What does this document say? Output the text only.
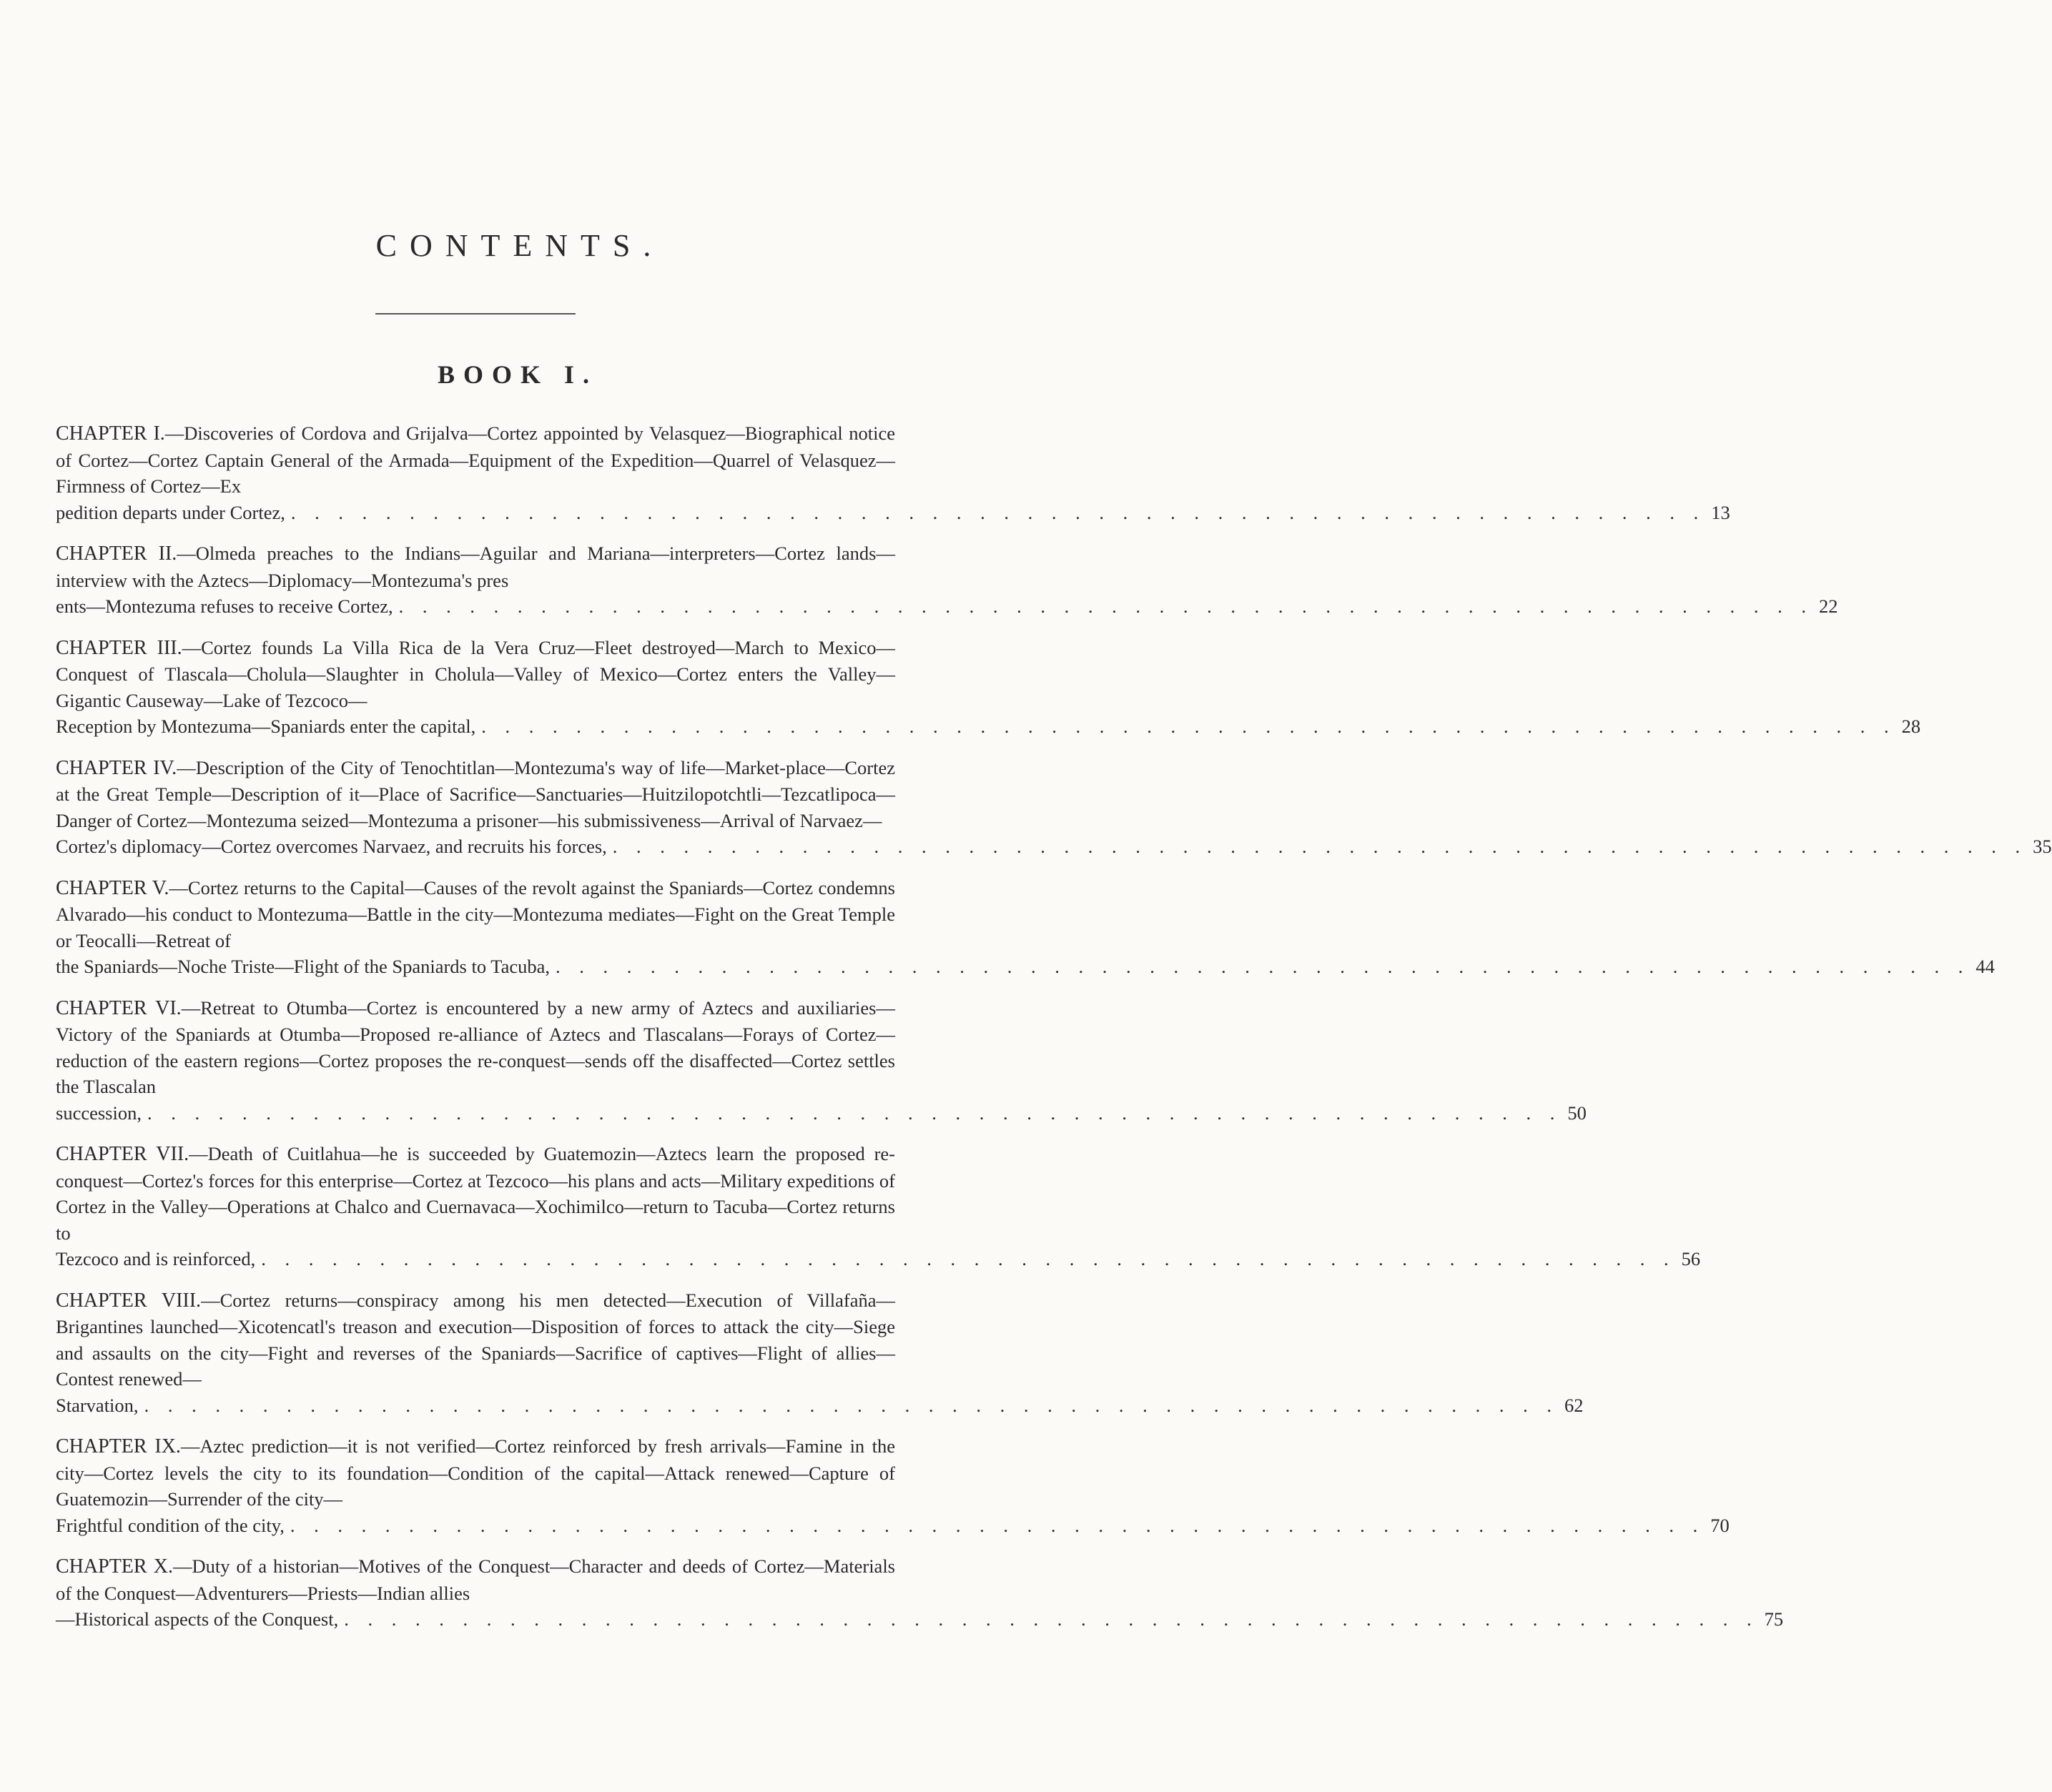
CONTENTS.
BOOK I.
CHAPTER I.—Discoveries of Cordova and Grijalva—Cortez appointed by Velasquez—Biographical notice of Cortez—Cortez Captain General of the Armada—Equipment of the Expedition—Quarrel of Velasquez—Firmness of Cortez—Ex
pedition departs under Cortez, . . . . . . . . . . . . . . . . . . . . . . . . . . . . . . . . . . . . . . . . . . . . . . . . . . . . . . . . . . . . 13
CHAPTER II.—Olmeda preaches to the Indians—Aguilar and Mariana—interpreters—Cortez lands—interview with the Aztecs—Diplomacy—Montezuma's pres
ents—Montezuma refuses to receive Cortez, . . . . . . . . . . . . . . . . . . . . . . . . . . . . . . . . . . . . . . . . . . . . . . . . . . . . . . . . . . . . 22
CHAPTER III.—Cortez founds La Villa Rica de la Vera Cruz—Fleet destroyed—March to Mexico—Conquest of Tlascala—Cholula—Slaughter in Cholula—Valley of Mexico—Cortez enters the Valley—Gigantic Causeway—Lake of Tezcoco—
Reception by Montezuma—Spaniards enter the capital, . . . . . . . . . . . . . . . . . . . . . . . . . . . . . . . . . . . . . . . . . . . . . . . . . . . . . . . . . . . . 28
CHAPTER IV.—Description of the City of Tenochtitlan—Montezuma's way of life—Market-place—Cortez at the Great Temple—Description of it—Place of Sacrifice—Sanctuaries—Huitzilopotchtli—Tezcatlipoca—Danger of Cortez—Montezuma seized—Montezuma a prisoner—his submissiveness—Arrival of Narvaez—
Cortez's diplomacy—Cortez overcomes Narvaez, and recruits his forces, . . . . . . . . . . . . . . . . . . . . . . . . . . . . . . . . . . . . . . . . . . . . . . . . . . . . . . . . . . . . 35
CHAPTER V.—Cortez returns to the Capital—Causes of the revolt against the Spaniards—Cortez condemns Alvarado—his conduct to Montezuma—Battle in the city—Montezuma mediates—Fight on the Great Temple or Teocalli—Retreat of
the Spaniards—Noche Triste—Flight of the Spaniards to Tacuba, . . . . . . . . . . . . . . . . . . . . . . . . . . . . . . . . . . . . . . . . . . . . . . . . . . . . . . . . . . . . 44
CHAPTER VI.—Retreat to Otumba—Cortez is encountered by a new army of Aztecs and auxiliaries—Victory of the Spaniards at Otumba—Proposed re-alliance of Aztecs and Tlascalans—Forays of Cortez—reduction of the eastern regions—Cortez proposes the re-conquest—sends off the disaffected—Cortez settles the Tlascalan
succession, . . . . . . . . . . . . . . . . . . . . . . . . . . . . . . . . . . . . . . . . . . . . . . . . . . . . . . . . . . . . 50
CHAPTER VII.—Death of Cuitlahua—he is succeeded by Guatemozin—Aztecs learn the proposed re-conquest—Cortez's forces for this enterprise—Cortez at Tezcoco—his plans and acts—Military expeditions of Cortez in the Valley—Operations at Chalco and Cuernavaca—Xochimilco—return to Tacuba—Cortez returns to
Tezcoco and is reinforced, . . . . . . . . . . . . . . . . . . . . . . . . . . . . . . . . . . . . . . . . . . . . . . . . . . . . . . . . . . . . 56
CHAPTER VIII.—Cortez returns—conspiracy among his men detected—Execution of Villafaña—Brigantines launched—Xicotencatl's treason and execution—Disposition of forces to attack the city—Siege and assaults on the city—Fight and reverses of the Spaniards—Sacrifice of captives—Flight of allies—Contest renewed—
Starvation, . . . . . . . . . . . . . . . . . . . . . . . . . . . . . . . . . . . . . . . . . . . . . . . . . . . . . . . . . . . . 62
CHAPTER IX.—Aztec prediction—it is not verified—Cortez reinforced by fresh arrivals—Famine in the city—Cortez levels the city to its foundation—Condition of the capital—Attack renewed—Capture of Guatemozin—Surrender of the city—
Frightful condition of the city, . . . . . . . . . . . . . . . . . . . . . . . . . . . . . . . . . . . . . . . . . . . . . . . . . . . . . . . . . . . . 70
CHAPTER X.—Duty of a historian—Motives of the Conquest—Character and deeds of Cortez—Materials of the Conquest—Adventurers—Priests—Indian allies
—Historical aspects of the Conquest, . . . . . . . . . . . . . . . . . . . . . . . . . . . . . . . . . . . . . . . . . . . . . . . . . . . . . . . . . . . . 75
